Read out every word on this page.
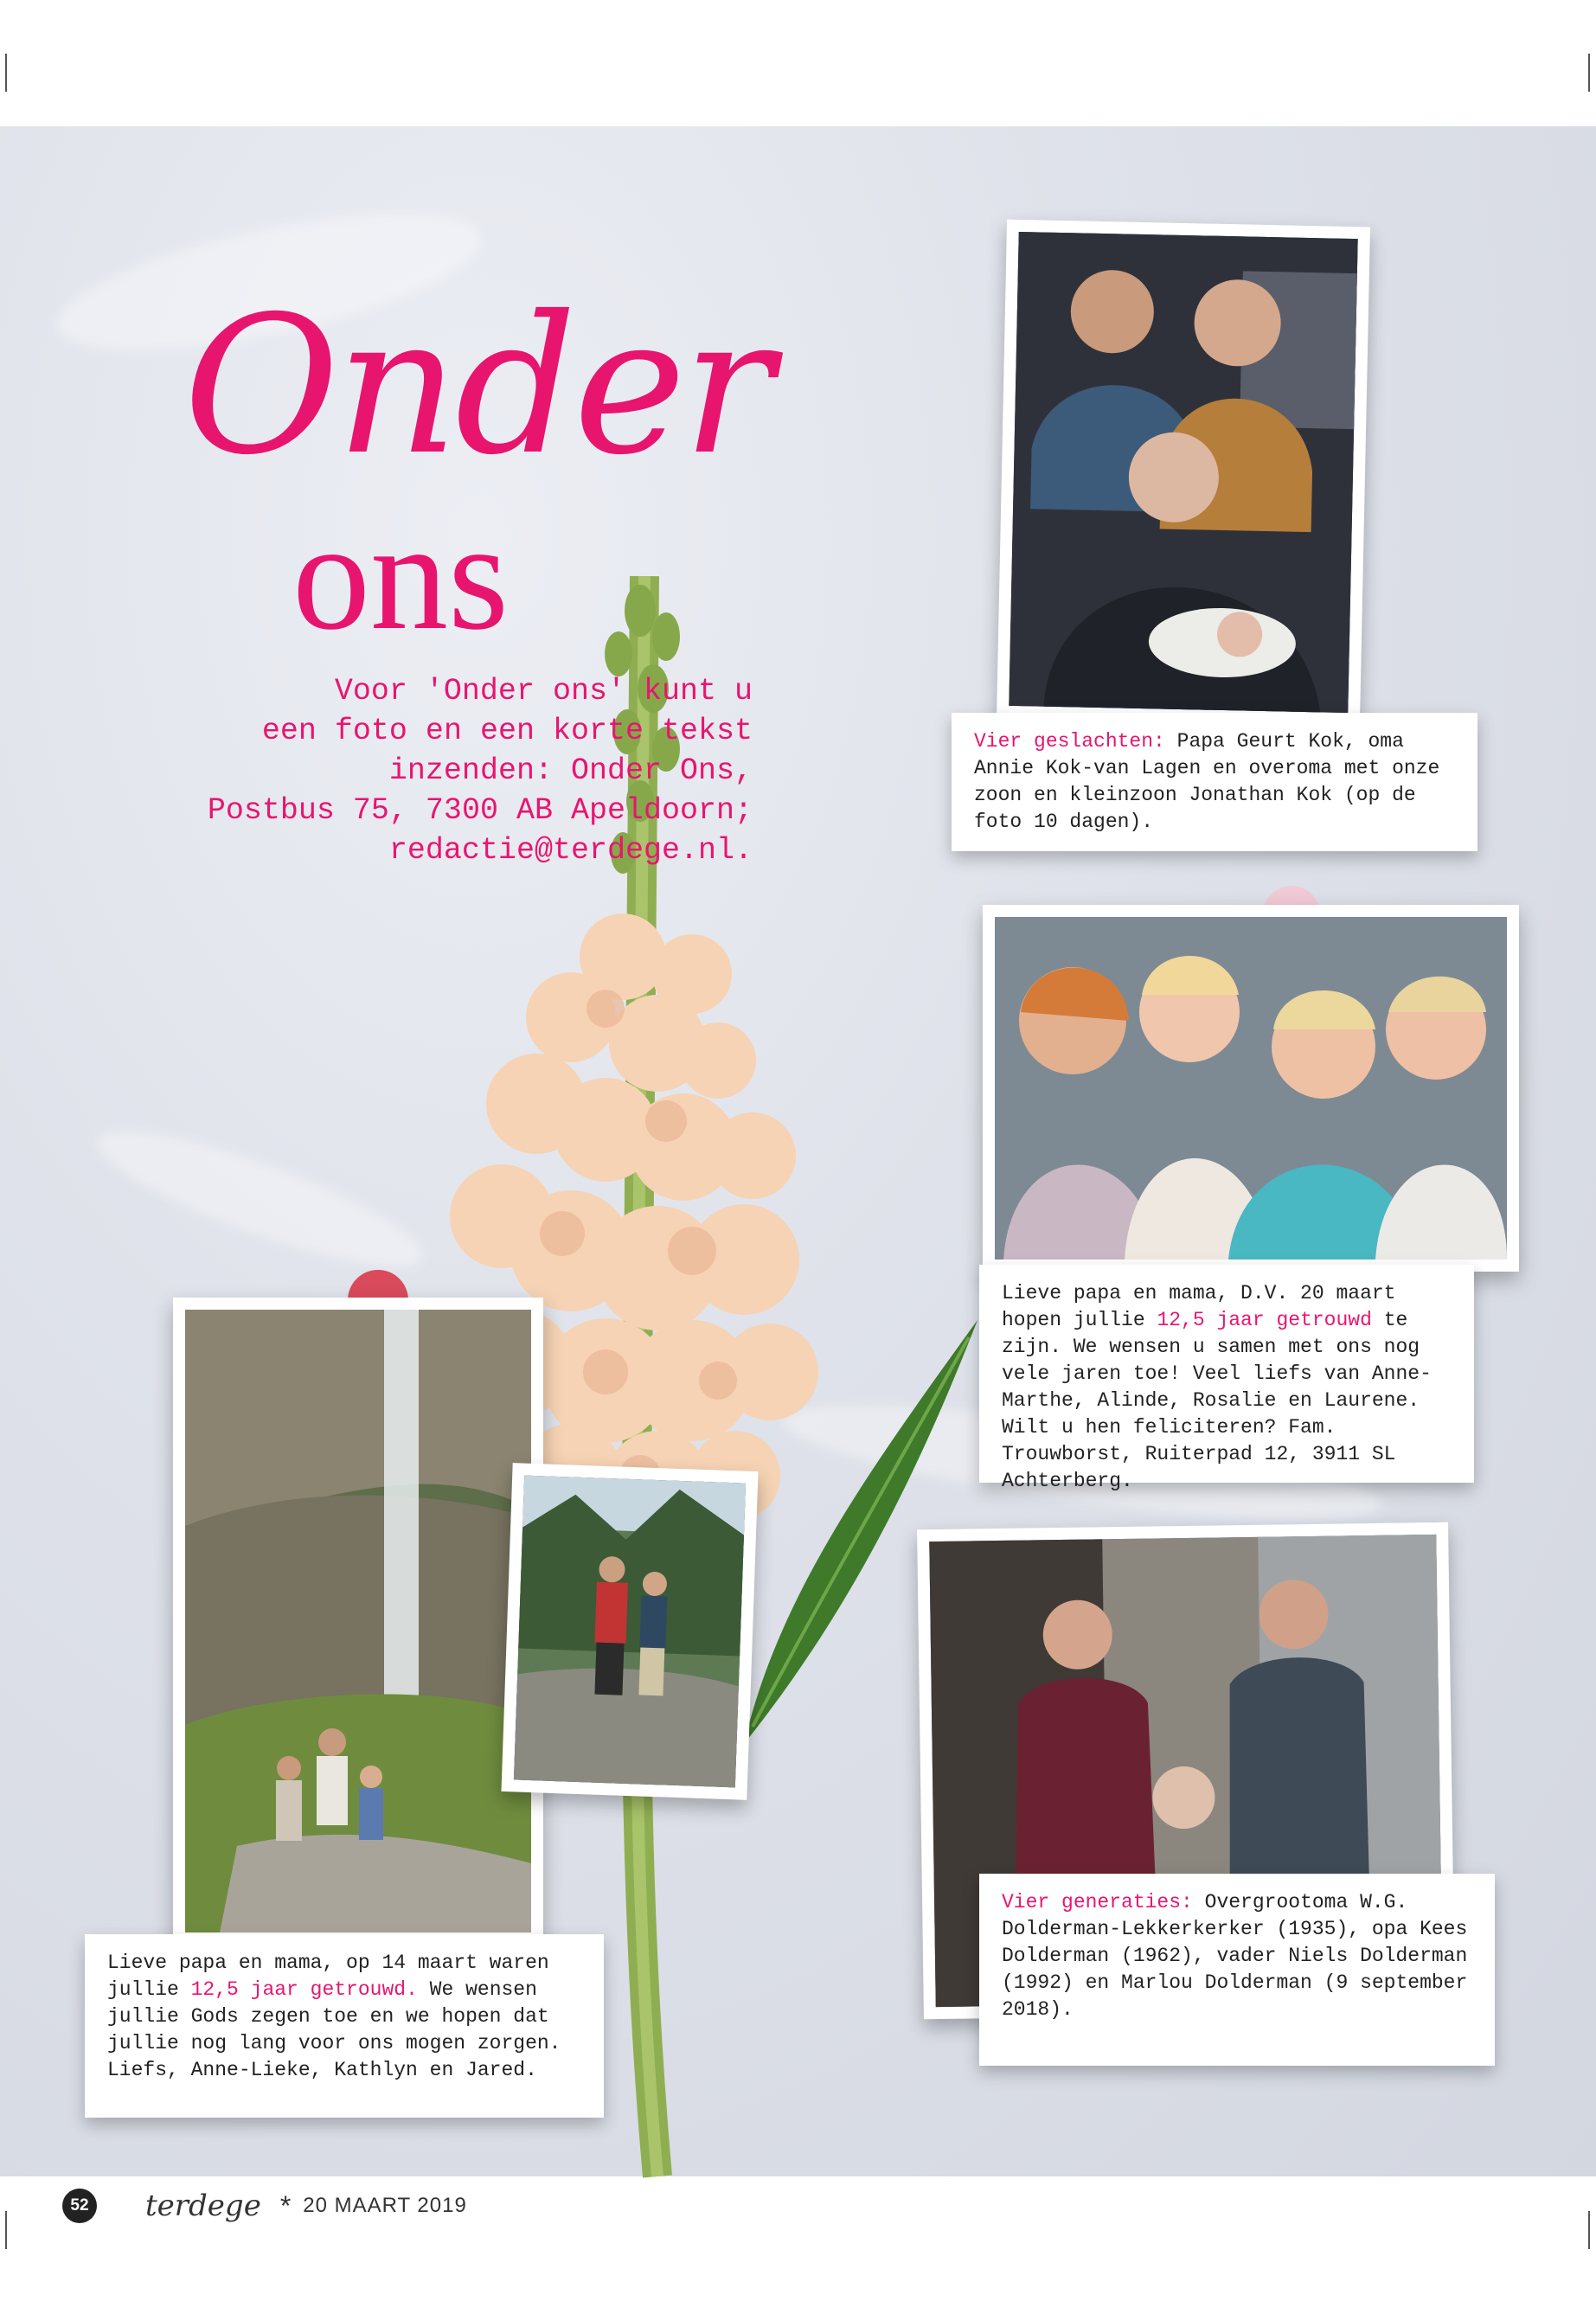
Onder
ons
Voor 'Onder ons' kunt u
een foto en een korte tekst
inzenden: Onder Ons,
Postbus 75, 7300 AB Apeldoorn;
redactie@terdege.nl.
Vier geslachten: Papa Geurt Kok, oma Annie Kok-van Lagen en overoma met onze zoon en kleinzoon Jonathan Kok (op de foto 10 dagen).
Lieve papa en mama, D.V. 20 maart hopen jullie 12,5 jaar getrouwd te zijn. We wensen u samen met ons nog vele jaren toe! Veel liefs van Anne-Marthe, Alinde, Rosalie en Laurene. Wilt u hen feliciteren? Fam. Trouwborst, Ruiterpad 12, 3911 SL Achterberg.
Lieve papa en mama, op 14 maart waren jullie 12,5 jaar getrouwd. We wensen jullie Gods zegen toe en we hopen dat jullie nog lang voor ons mogen zorgen. Liefs, Anne-Lieke, Kathlyn en Jared.
Vier generaties: Overgrootoma W.G. Dolderman-Lekkerkerker (1935), opa Kees Dolderman (1962), vader Niels Dolderman (1992) en Marlou Dolderman (9 september 2018).
52 terdege * 20 MAART 2019
